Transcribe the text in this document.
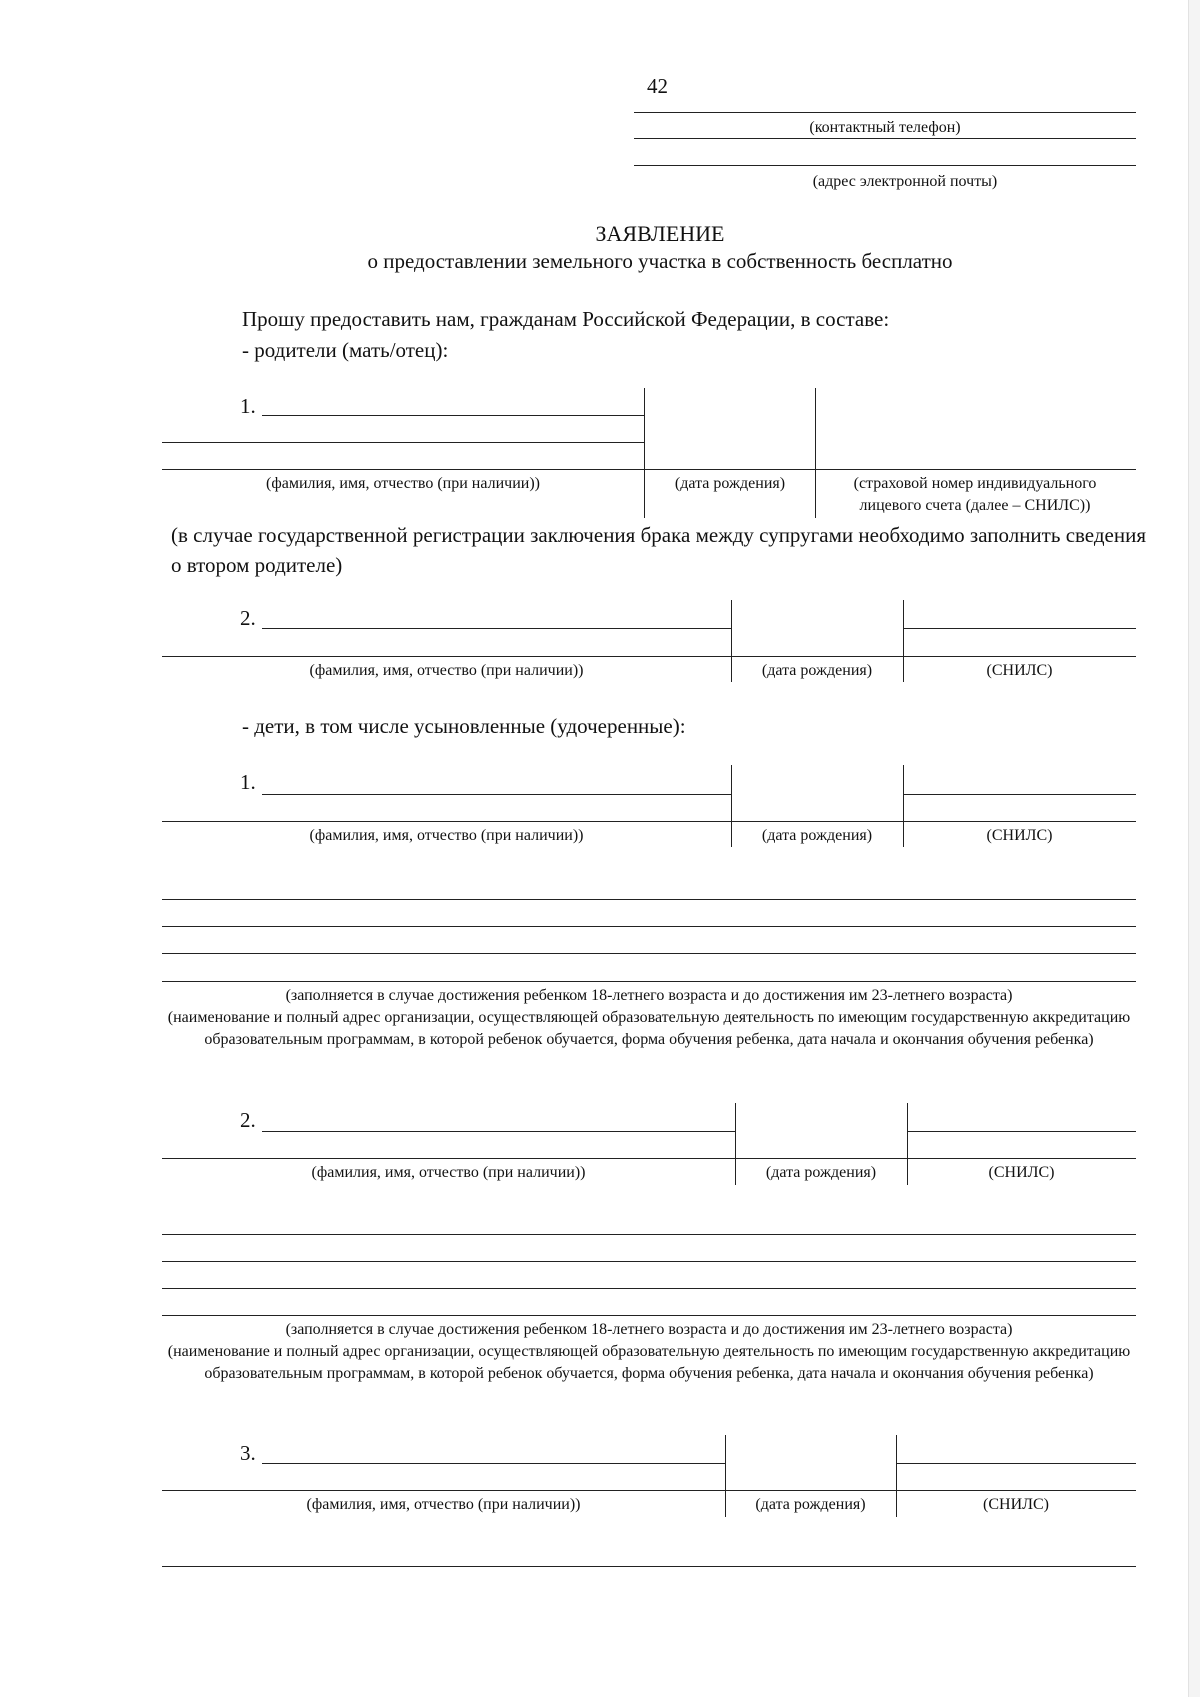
42
(контактный телефон)
(адрес электронной почты)
ЗАЯВЛЕНИЕ
о предоставлении земельного участка в собственность бесплатно
Прошу предоставить нам, гражданам Российской Федерации, в составе:
- родители (мать/отец):
1.
(фамилия, имя, отчество (при наличии))	(дата рождения)	(страховой номер индивидуального
лицевого счета (далее – СНИЛС))
(в случае государственной регистрации заключения брака между супругами необходимо заполнить сведения о втором родителе)
2.
(фамилия, имя, отчество (при наличии))	(дата рождения)	(СНИЛС)
- дети, в том числе усыновленные (удочеренные):
1.
(фамилия, имя, отчество (при наличии))	(дата рождения)	(СНИЛС)
(заполняется в случае достижения ребенком 18-летнего возраста и до достижения им 23-летнего возраста)
(наименование и полный адрес организации, осуществляющей образовательную деятельность по имеющим государственную аккредитацию образовательным программам, в которой ребенок обучается, форма обучения ребенка, дата начала и окончания обучения ребенка)
2.
(фамилия, имя, отчество (при наличии))	(дата рождения)	(СНИЛС)
(заполняется в случае достижения ребенком 18-летнего возраста и до достижения им 23-летнего возраста)
(наименование и полный адрес организации, осуществляющей образовательную деятельность по имеющим государственную аккредитацию образовательным программам, в которой ребенок обучается, форма обучения ребенка, дата начала и окончания обучения ребенка)
3.
(фамилия, имя, отчество (при наличии))	(дата рождения)	(СНИЛС)
